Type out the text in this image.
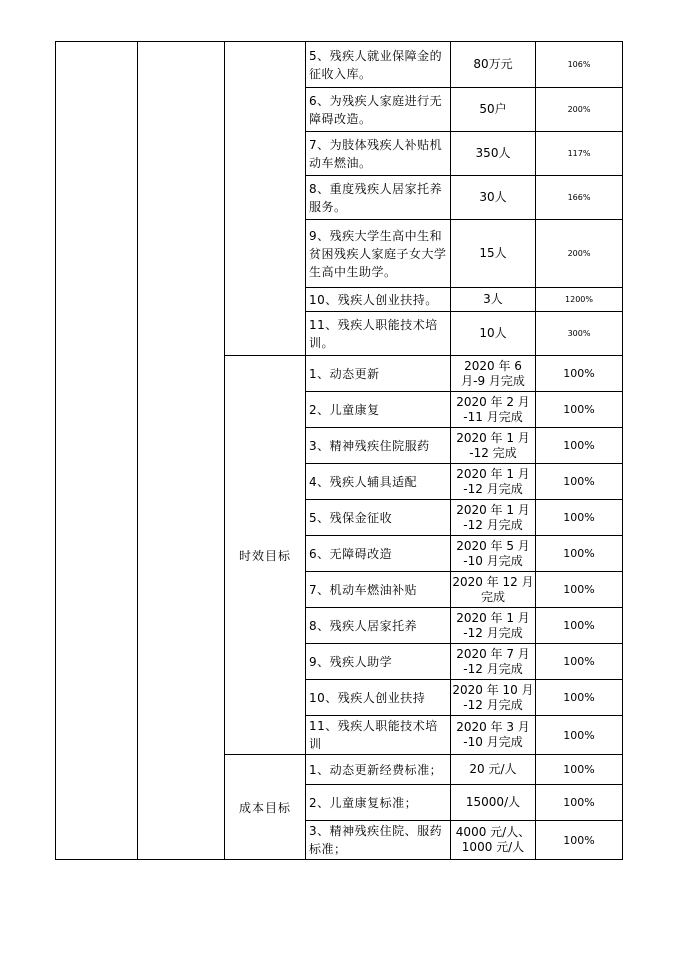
			5、残疾人就业保障金的征收入库。	80万元	106%
			6、为残疾人家庭进行无障碍改造。	50户	200%
			7、为肢体残疾人补贴机动车燃油。	350人	117%
			8、重度残疾人居家托养服务。	30人	166%
			9、残疾大学生高中生和贫困残疾人家庭子女大学生高中生助学。	15人	200%
			10、残疾人创业扶持。	3人	1200%
			11、残疾人职能技术培训。	10人	300%
		时效目标	1、动态更新	2020 年 6 月-9 月完成	100%
			2、儿童康复	2020 年 2 月 -11 月完成	100%
			3、精神残疾住院服药	2020 年 1 月 -12 完成	100%
			4、残疾人辅具适配	2020 年 1 月 -12 月完成	100%
			5、残保金征收	2020 年 1 月 -12 月完成	100%
			6、无障碍改造	2020 年 5 月 -10 月完成	100%
			7、机动车燃油补贴	2020 年 12 月 完成	100%
			8、残疾人居家托养	2020 年 1 月 -12 月完成	100%
			9、残疾人助学	2020 年 7 月 -12 月完成	100%
			10、残疾人创业扶持	2020 年 10 月 -12 月完成	100%
			11、残疾人职能技术培训	2020 年 3 月 -10 月完成	100%
		成本目标	1、动态更新经费标准；	20 元/人	100%
			2、儿童康复标准；	15000/人	100%
			3、精神残疾住院、服药标准；	4000 元/人、1000 元/人	100%
